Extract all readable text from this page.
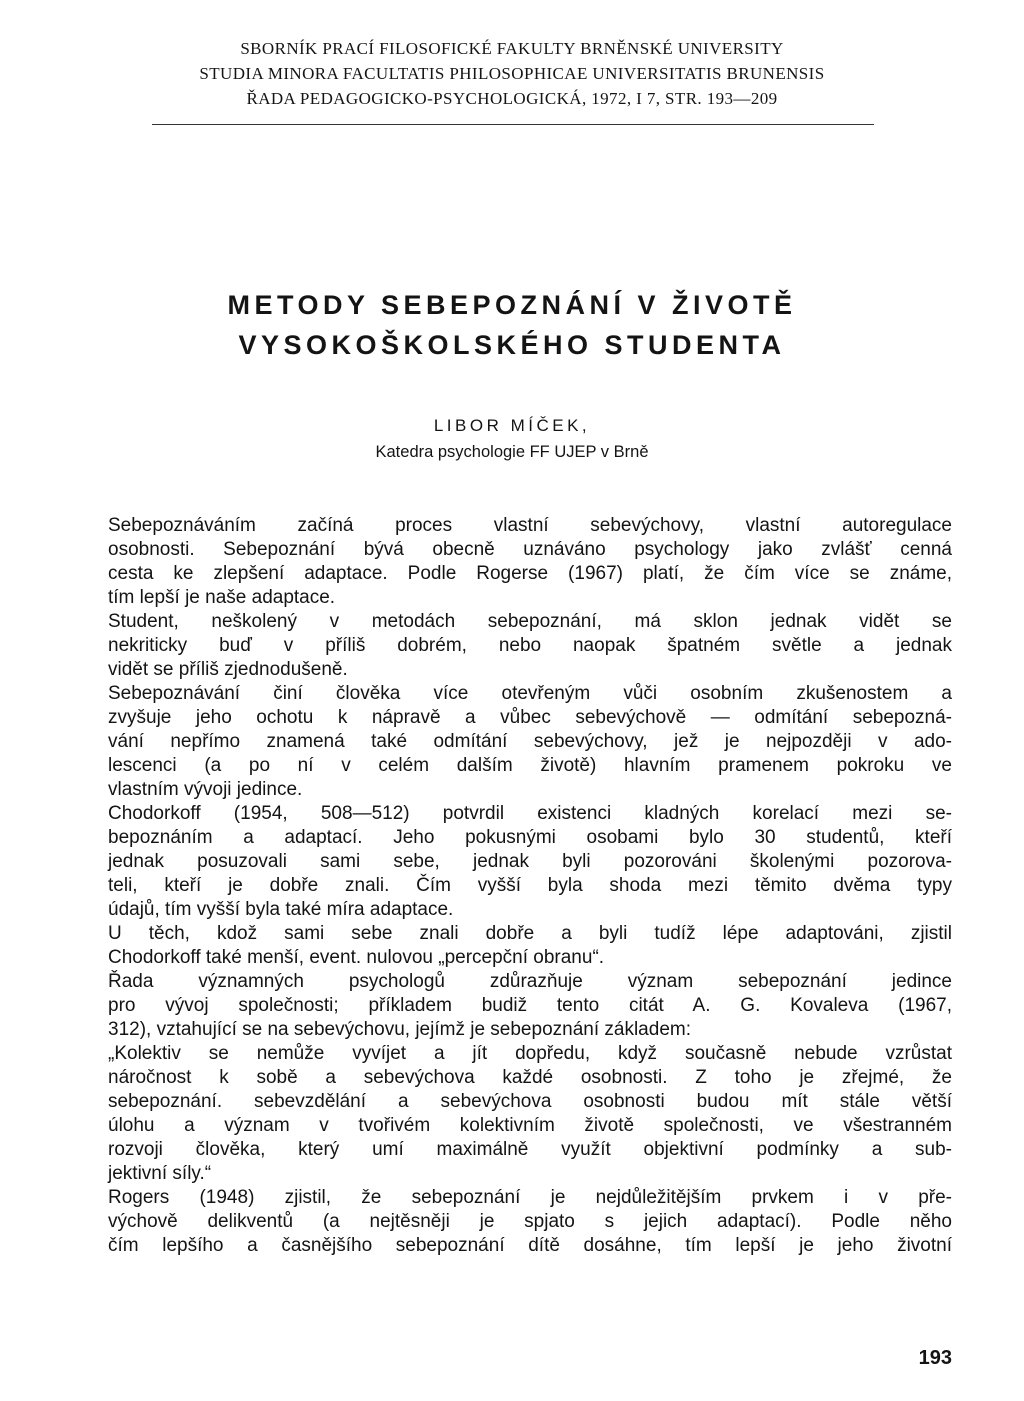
SBORNÍK PRACÍ FILOSOFICKÉ FAKULTY BRNĚNSKÉ UNIVERSITY
STUDIA MINORA FACULTATIS PHILOSOPHICAE UNIVERSITATIS BRUNENSIS
ŘADA PEDAGOGICKO-PSYCHOLOGICKÁ, 1972, I 7, STR. 193—209
METODY SEBEPOZNÁNÍ V ŽIVOTĚ
VYSOKOŠKOLSKÉHO STUDENTA
LIBOR MÍČEK,
Katedra psychologie FF UJEP v Brně
Sebepoznáváním začíná proces vlastní sebevýchovy, vlastní autoregulace
osobnosti. Sebepoznání bývá obecně uznáváno psychology jako zvlášť cenná
cesta ke zlepšení adaptace. Podle Rogerse (1967) platí, že čím více se známe,
tím lepší je naše adaptace.
Student, neškolený v metodách sebepoznání, má sklon jednak vidět se
nekriticky buď v příliš dobrém, nebo naopak špatném světle a jednak
vidět se příliš zjednodušeně.
Sebepoznávání činí člověka více otevřeným vůči osobním zkušenostem a
zvyšuje jeho ochotu k nápravě a vůbec sebevýchově — odmítání sebepozná-
vání nepřímo znamená také odmítání sebevýchovy, jež je nejpozději v ado-
lescenci (a po ní v celém dalším životě) hlavním pramenem pokroku ve
vlastním vývoji jedince.
Chodorkoff (1954, 508—512) potvrdil existenci kladných korelací mezi se-
bepoznáním a adaptací. Jeho pokusnými osobami bylo 30 studentů, kteří
jednak posuzovali sami sebe, jednak byli pozorováni školenými pozorova-
teli, kteří je dobře znali. Čím vyšší byla shoda mezi těmito dvěma typy
údajů, tím vyšší byla také míra adaptace.
U těch, kdož sami sebe znali dobře a byli tudíž lépe adaptováni, zjistil
Chodorkoff také menší, event. nulovou „percepční obranu“.
Řada významných psychologů zdůrazňuje význam sebepoznání jedince
pro vývoj společnosti; příkladem budiž tento citát A. G. Kovaleva (1967,
312), vztahující se na sebevýchovu, jejímž je sebepoznání základem:
„Kolektiv se nemůže vyvíjet a jít dopředu, když současně nebude vzrůstat
náročnost k sobě a sebevýchova každé osobnosti. Z toho je zřejmé, že
sebepoznání. sebevzdělání a sebevýchova osobnosti budou mít stále větší
úlohu a význam v tvořivém kolektivním životě společnosti, ve všestranném
rozvoji člověka, který umí maximálně využít objektivní podmínky a sub-
jektivní síly.“
Rogers (1948) zjistil, že sebepoznání je nejdůležitějším prvkem i v pře-
výchově delikventů (a nejtěsněji je spjato s jejich adaptací). Podle něho
čím lepšího a časnějšího sebepoznání dítě dosáhne, tím lepší je jeho životní
193
